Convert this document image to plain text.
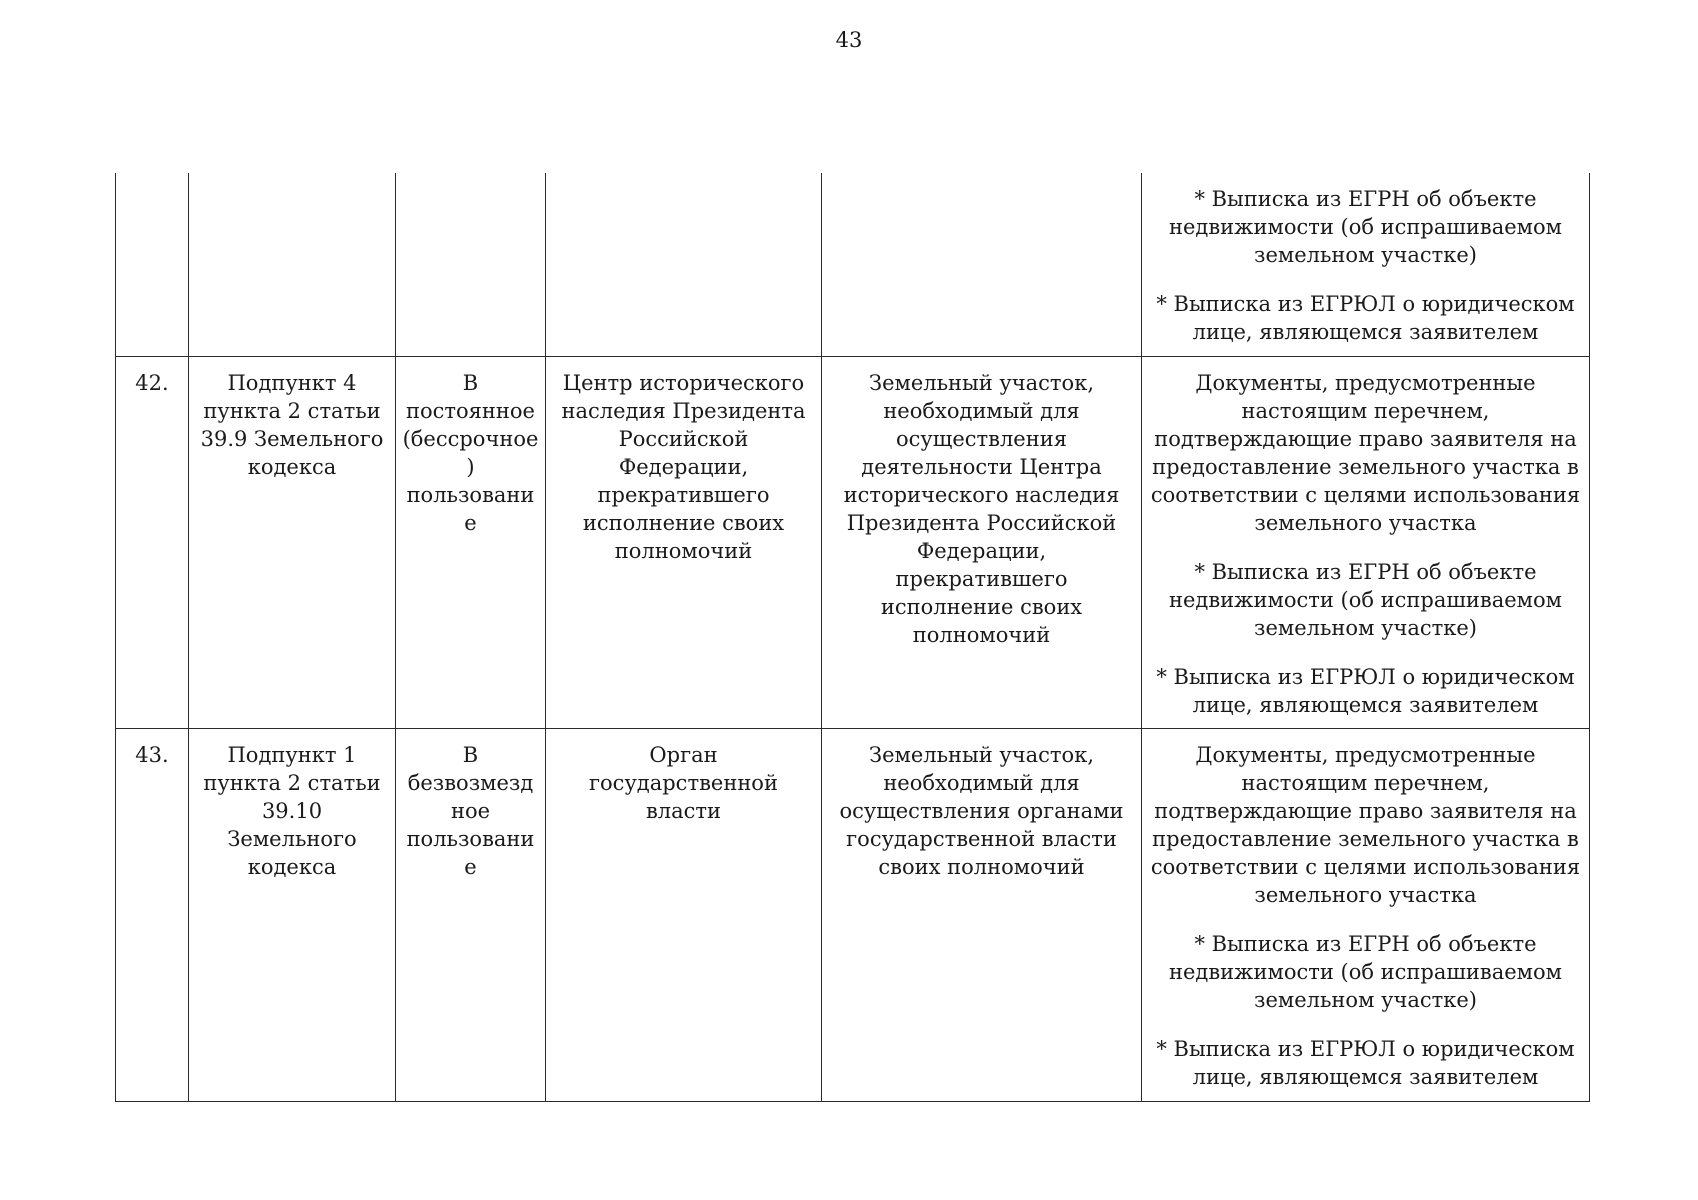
43

					* Выписка из ЕГРН об объекте недвижимости (об испрашиваемом земельном участке)
* Выписка из ЕГРЮЛ о юридическом лице, являющемся заявителем

42.	Подпункт 4 пункта 2 статьи 39.9 Земельного кодекса	В постоянное (бессрочное) пользование	Центр исторического наследия Президента Российской Федерации, прекратившего исполнение своих полномочий	Земельный участок, необходимый для осуществления деятельности Центра исторического наследия Президента Российской Федерации, прекратившего исполнение своих полномочий	Документы, предусмотренные настоящим перечнем, подтверждающие право заявителя на предоставление земельного участка в соответствии с целями использования земельного участка
* Выписка из ЕГРН об объекте недвижимости (об испрашиваемом земельном участке)
* Выписка из ЕГРЮЛ о юридическом лице, являющемся заявителем

43.	Подпункт 1 пункта 2 статьи 39.10 Земельного кодекса	В безвозмездное пользование	Орган государственной власти	Земельный участок, необходимый для осуществления органами государственной власти своих полномочий	Документы, предусмотренные настоящим перечнем, подтверждающие право заявителя на предоставление земельного участка в соответствии с целями использования земельного участка
* Выписка из ЕГРН об объекте недвижимости (об испрашиваемом земельном участке)
* Выписка из ЕГРЮЛ о юридическом лице, являющемся заявителем
